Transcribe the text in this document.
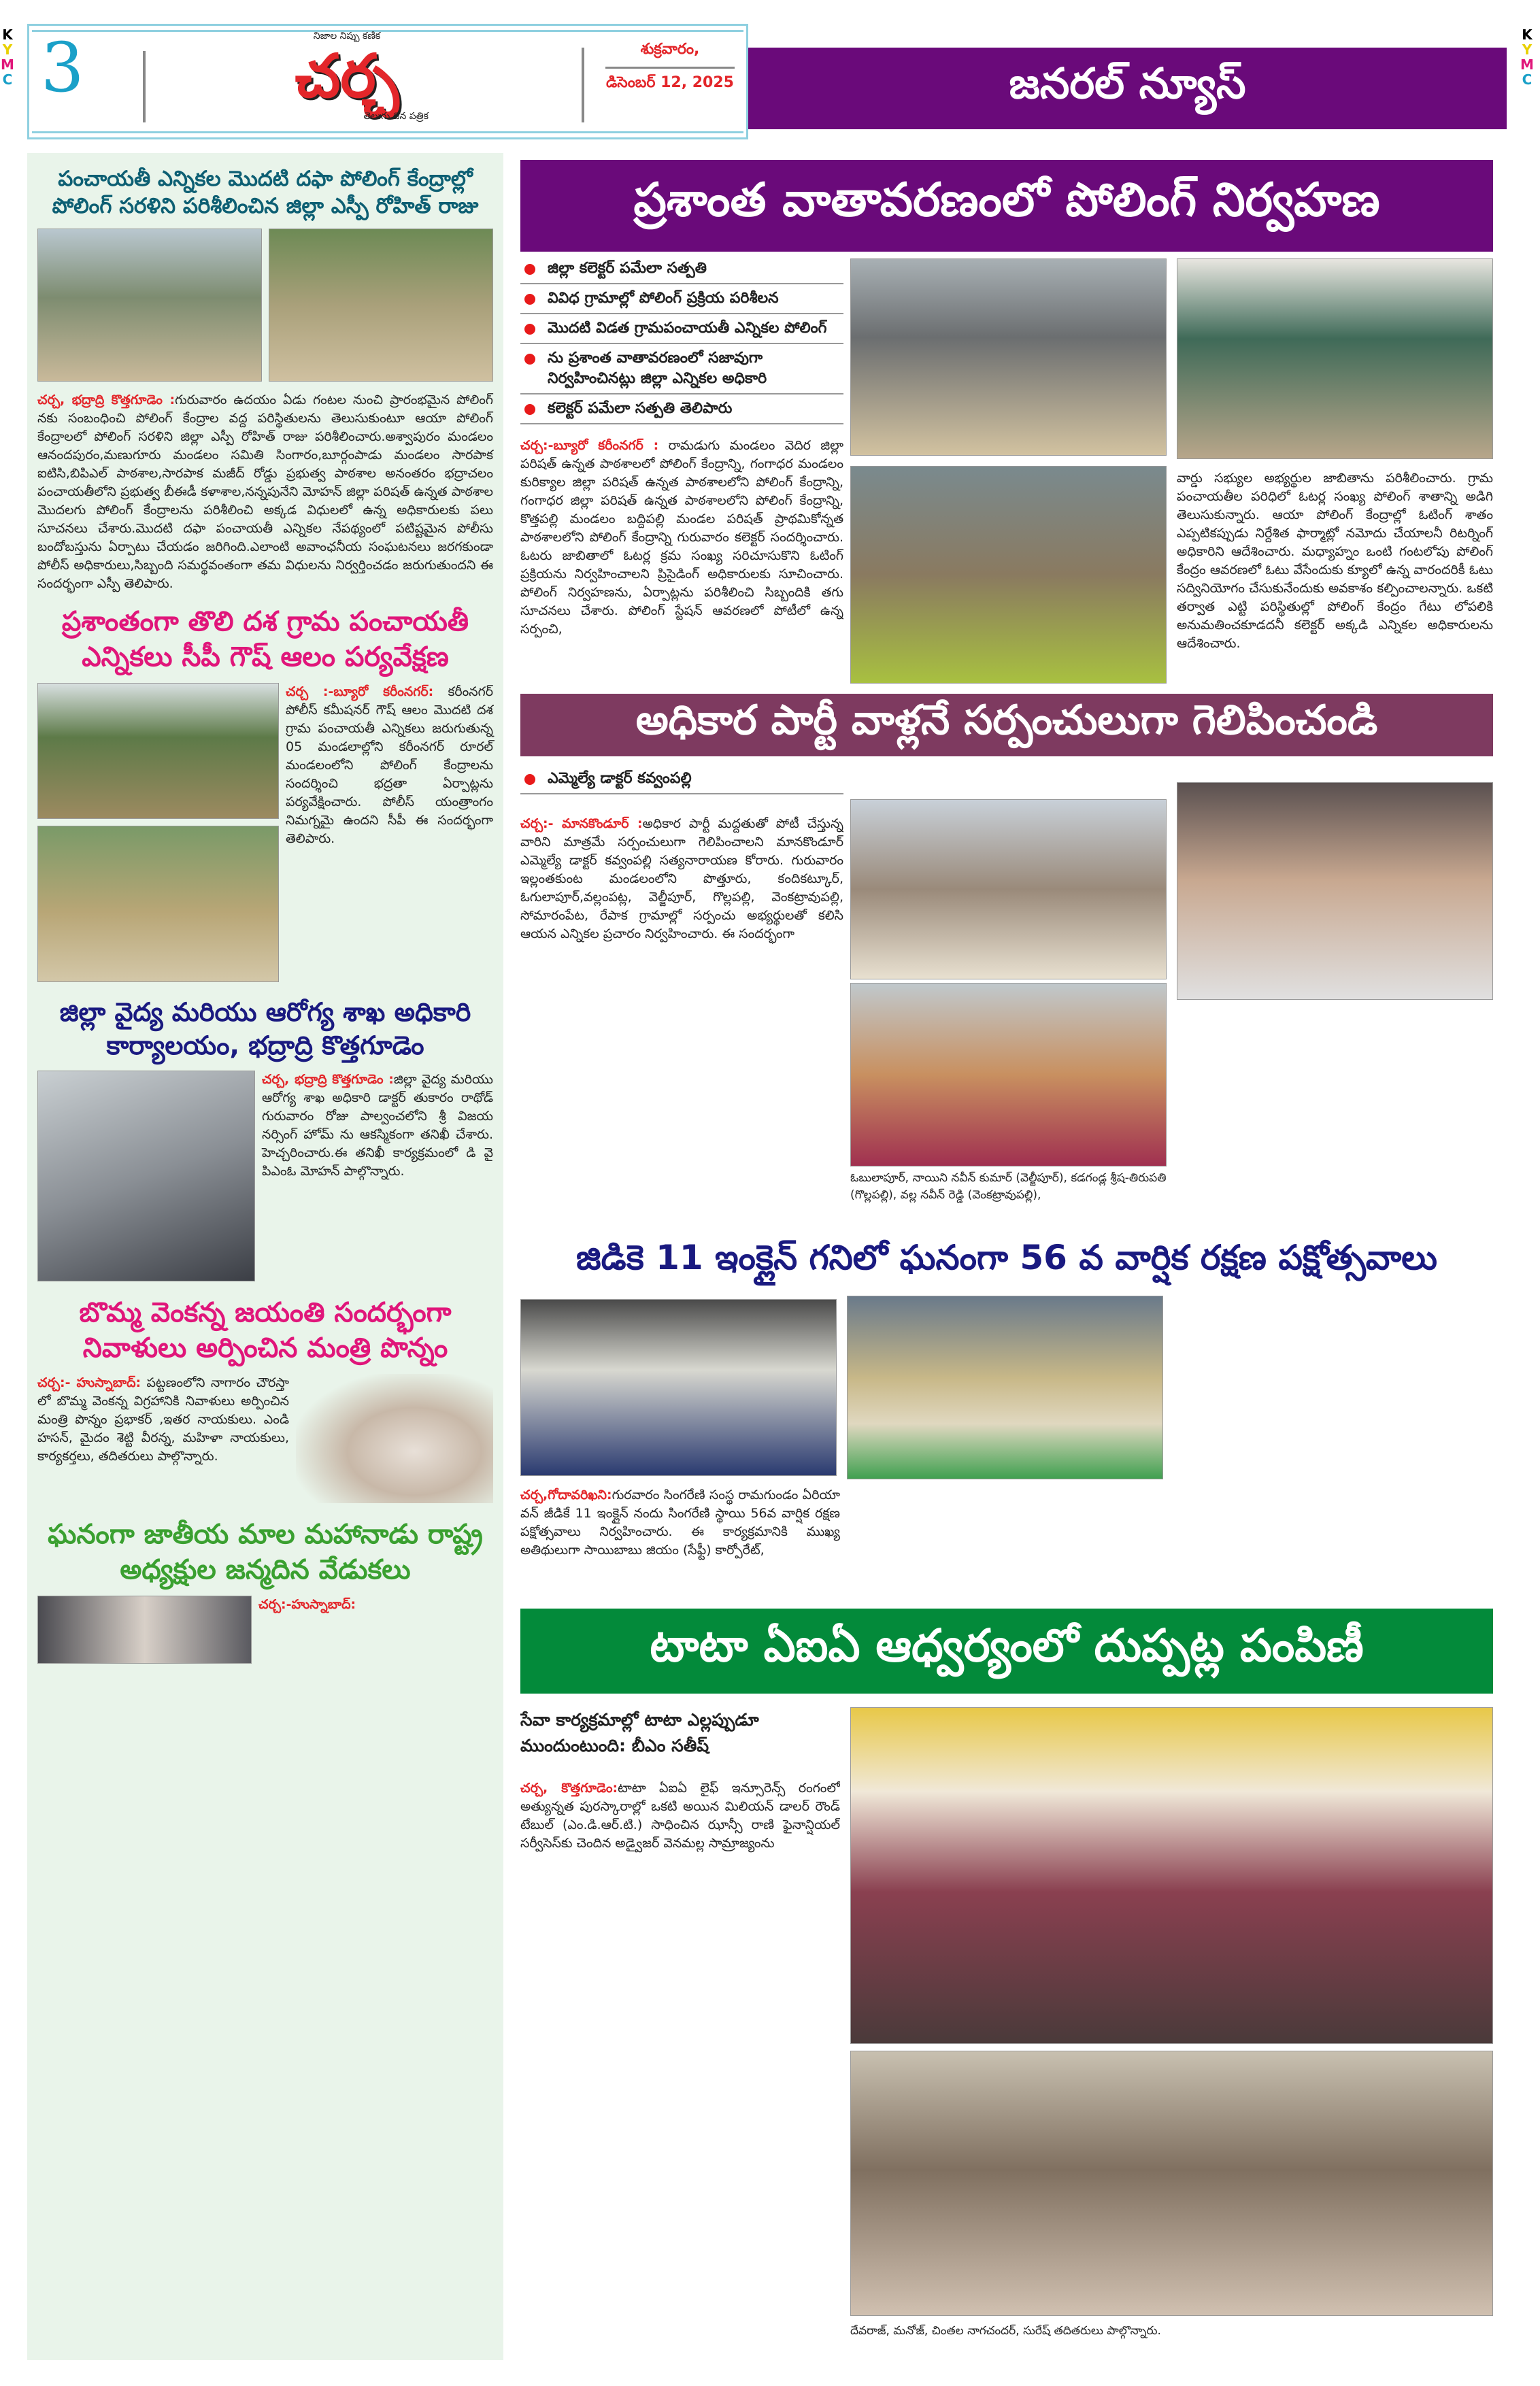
K
Y
M
C
K
Y
M
C
3	నిజాల నిప్పు కణిక
చర్చ
తెలుగు దిన పత్రిక
శుక్రవారం,
డిసెంబర్ 12, 2025	జనరల్ న్యూస్
పంచాయతీ ఎన్నికల మొదటి దఫా పోలింగ్ కేంద్రాల్లో పోలింగ్ సరళిని పరిశీలించిన జిల్లా ఎస్పీ రోహిత్ రాజు
చర్చ, భద్రాద్రి కొత్తగూడెం :గురువారం ఉదయం ఏడు గంటల నుంచి ప్రారంభమైన పోలింగ్ నకు సంబంధించి పోలింగ్ కేంద్రాల వద్ద పరిస్థితులను తెలుసుకుంటూ ఆయా పోలింగ్ కేంద్రాలలో పోలింగ్ సరళిని జిల్లా ఎస్పీ రోహిత్ రాజు పరిశీలించారు.అశ్వాపురం మండలం ఆనందపురం,మణుగూరు మండలం సమితి సింగారం,బూర్గంపాడు మండలం సారపాక ఐటిసి,బిపిఎల్ పాఠశాల,సారపాక మజీద్ రోడ్డు ప్రభుత్వ పాఠశాల అనంతరం భద్రాచలం పంచాయతీలోని ప్రభుత్వ బీఈడీ కళాశాల,నన్నపునేని మోహన్ జిల్లా పరిషత్ ఉన్నత పాఠశాల మొదలగు పోలింగ్ కేంద్రాలను పరిశీలించి అక్కడ విధులలో ఉన్న అధికారులకు పలు సూచనలు చేశారు.మొదటి దఫా పంచాయతీ ఎన్నికల నేపథ్యంలో పటిష్టమైన పోలీసు బందోబస్తును ఏర్పాటు చేయడం జరిగింది.ఎలాంటి అవాంఛనీయ సంఘటనలు జరగకుండా పోలీస్ అధికారులు,సిబ్బంది సమర్థవంతంగా తమ విధులను నిర్వర్తించడం జరుగుతుందని ఈ సందర్భంగా ఎస్పీ తెలిపారు.
ప్రశాంతంగా తొలి దశ గ్రామ పంచాయతీ ఎన్నికలు సీపీ గౌష్ ఆలం పర్యవేక్షణ
చర్చ :-బ్యూరో కరీంనగర్: కరీంనగర్ పోలీస్ కమీషనర్ గౌష్ ఆలం మొదటి దశ గ్రామ పంచాయతీ ఎన్నికలు జరుగుతున్న 05 మండలాల్లోని కరీంనగర్ రూరల్ మండలంలోని పోలింగ్ కేంద్రాలను సందర్శించి భద్రతా ఏర్పాట్లను పర్యవేక్షించారు. పోలీస్ యంత్రాంగం నిమగ్నమై ఉందని సీపీ ఈ సందర్భంగా తెలిపారు.
జిల్లా వైద్య మరియు ఆరోగ్య శాఖ అధికారి కార్యాలయం, భద్రాద్రి కొత్తగూడెం
చర్చ, భద్రాద్రి కొత్తగూడెం :జిల్లా వైద్య మరియు ఆరోగ్య శాఖ అధికారి డాక్టర్ తుకారం రాథోడ్ గురువారం రోజు పాల్వంచలోని శ్రీ విజయ నర్సింగ్ హోమ్ ను ఆకస్మికంగా తనిఖీ చేశారు. హెచ్చరించారు.ఈ తనిఖీ కార్యక్రమంలో డి వై పిఎంఓ మోహన్ పాల్గొన్నారు.
బొమ్మ వెంకన్న జయంతి సందర్భంగా నివాళులు అర్పించిన మంత్రి పొన్నం
చర్చ:- హుస్నాబాద్: పట్టణంలోని నాగారం చౌరస్తా లో బొమ్మ వెంకన్న విగ్రహానికి నివాళులు అర్పించిన మంత్రి పొన్నం ప్రభాకర్ ,ఇతర నాయకులు. ఎండి హసన్, మైదం శెట్టి వీరన్న, మహిళా నాయకులు, కార్యకర్తలు, తదితరులు పాల్గొన్నారు.
ఘనంగా జాతీయ మాల మహానాడు రాష్ట్ర అధ్యక్షుల జన్మదిన వేడుకలు
చర్చ:-హుస్నాబాద్:
ప్రశాంత వాతావరణంలో పోలింగ్ నిర్వహణ
జిల్లా కలెక్టర్ పమేలా సత్పతి
వివిధ గ్రామాల్లో పోలింగ్ ప్రక్రియ పరిశీలన
మొదటి విడత గ్రామపంచాయతీ ఎన్నికల పోలింగ్
ను ప్రశాంత వాతావరణంలో సజావుగా నిర్వహించినట్లు జిల్లా ఎన్నికల అధికారి
కలెక్టర్ పమేలా సత్పతి తెలిపారు
చర్చ:-బ్యూరో కరీంనగర్ : రామడుగు మండలం వెదిర జిల్లా పరిషత్ ఉన్నత పాఠశాలలో పోలింగ్ కేంద్రాన్ని, గంగాధర మండలం కురిక్యాల జిల్లా పరిషత్ ఉన్నత పాఠశాలలోని పోలింగ్ కేంద్రాన్ని, గంగాధర జిల్లా పరిషత్ ఉన్నత పాఠశాలలోని పోలింగ్ కేంద్రాన్ని, కొత్తపల్లి మండలం బద్దిపల్లి మండల పరిషత్ ప్రాథమికోన్నత పాఠశాలలోని పోలింగ్ కేంద్రాన్ని గురువారం కలెక్టర్ సందర్శించారు. ఓటరు జాబితాలో ఓటర్ల క్రమ సంఖ్య సరిచూసుకొని ఓటింగ్ ప్రక్రియను నిర్వహించాలని ప్రిసైడింగ్ అధికారులకు సూచించారు. పోలింగ్ నిర్వహణను, ఏర్పాట్లను పరిశీలించి సిబ్బందికి తగు సూచనలు చేశారు. పోలింగ్ స్టేషన్ ఆవరణలో పోటీలో ఉన్న సర్పంచి,
వార్డు సభ్యుల అభ్యర్థుల జాబితాను పరిశీలించారు. గ్రామ పంచాయతీల పరిధిలో ఓటర్ల సంఖ్య పోలింగ్ శాతాన్ని అడిగి తెలుసుకున్నారు. ఆయా పోలింగ్ కేంద్రాల్లో ఓటింగ్ శాతం ఎప్పటికప్పుడు నిర్దేశిత ఫార్మాట్లో నమోదు చేయాలనీ రిటర్నింగ్ అధికారిని ఆదేశించారు. మధ్యాహ్నం ఒంటి గంటలోపు పోలింగ్ కేంద్రం ఆవరణలో ఓటు వేసేందుకు క్యూలో ఉన్న వారందరికీ ఓటు సద్వినియోగం చేసుకునేందుకు అవకాశం కల్పించాలన్నారు. ఒకటి తర్వాత ఎట్టి పరిస్థితుల్లో పోలింగ్ కేంద్రం గేటు లోపలికి అనుమతించకూడదనీ కలెక్టర్ అక్కడి ఎన్నికల అధికారులను ఆదేశించారు.
అధికార పార్టీ వాళ్లనే సర్పంచులుగా గెలిపించండి
ఎమ్మెల్యే డాక్టర్ కవ్వంపల్లి
చర్చ:- మానకొండూర్ :అధికార పార్టీ మద్దతుతో పోటీ చేస్తున్న వారిని మాత్రమే సర్పంచులుగా గెలిపించాలని మానకొండూర్ ఎమ్మెల్యే డాక్టర్ కవ్వంపల్లి సత్యనారాయణ కోరారు. గురువారం ఇల్లంతకుంట మండలంలోని పొత్తూరు, కందికట్కూర్, ఓగులాపూర్,వల్లంపట్ల, వెల్జీపూర్, గొల్లపల్లి, వెంకట్రావుపల్లి, సోమారంపేట, రేపాక గ్రామాల్లో సర్పంచు అభ్యర్థులతో కలిసి ఆయన ఎన్నికల ప్రచారం నిర్వహించారు. ఈ సందర్భంగా
ఓబులాపూర్, నాయిని నవీన్ కుమార్ (వెల్జీపూర్), కడగండ్ల శ్రీష-తిరుపతి (గొల్లపల్లి), వల్ల నవీన్ రెడ్డి (వెంకట్రావుపల్లి),
జిడికె 11 ఇంక్లైన్ గనిలో ఘనంగా 56 వ వార్షిక రక్షణ పక్షోత్సవాలు
చర్చ,గోదావరిఖని:గురవారం సింగరేణి సంస్థ రామగుండం ఏరియా వన్ జీడికే 11 ఇంక్లైన్ నందు సింగరేణి స్థాయి 56వ వార్షిక రక్షణ పక్షోత్సవాలు నిర్వహించారు. ఈ కార్యక్రమానికి ముఖ్య అతిథులుగా సాయిబాబు జియం (సేఫ్టీ) కార్పోరేట్,
టాటా ఏఐఏ ఆధ్వర్యంలో దుప్పట్ల పంపిణీ
సేవా కార్యక్రమాల్లో టాటా ఎల్లప్పుడూ ముందుంటుంది: బీఎం సతీష్
చర్చ, కొత్తగూడెం:టాటా ఏఐఏ లైఫ్ ఇన్సూరెన్స్ రంగంలో అత్యున్నత పురస్కారాల్లో ఒకటి అయిన మిలియన్ డాలర్ రౌండ్ టేబుల్ (ఎం.డి.ఆర్.టి.) సాధించిన ఝాన్సీ రాణి ఫైనాన్షియల్ సర్వీసెస్‌కు చెందిన అడ్వైజర్ వెనమల్ల సామ్రాజ్యంను
దేవరాజ్, మనోజ్, చింతల నాగచందర్, సురేష్ తదితరులు పాల్గొన్నారు.
